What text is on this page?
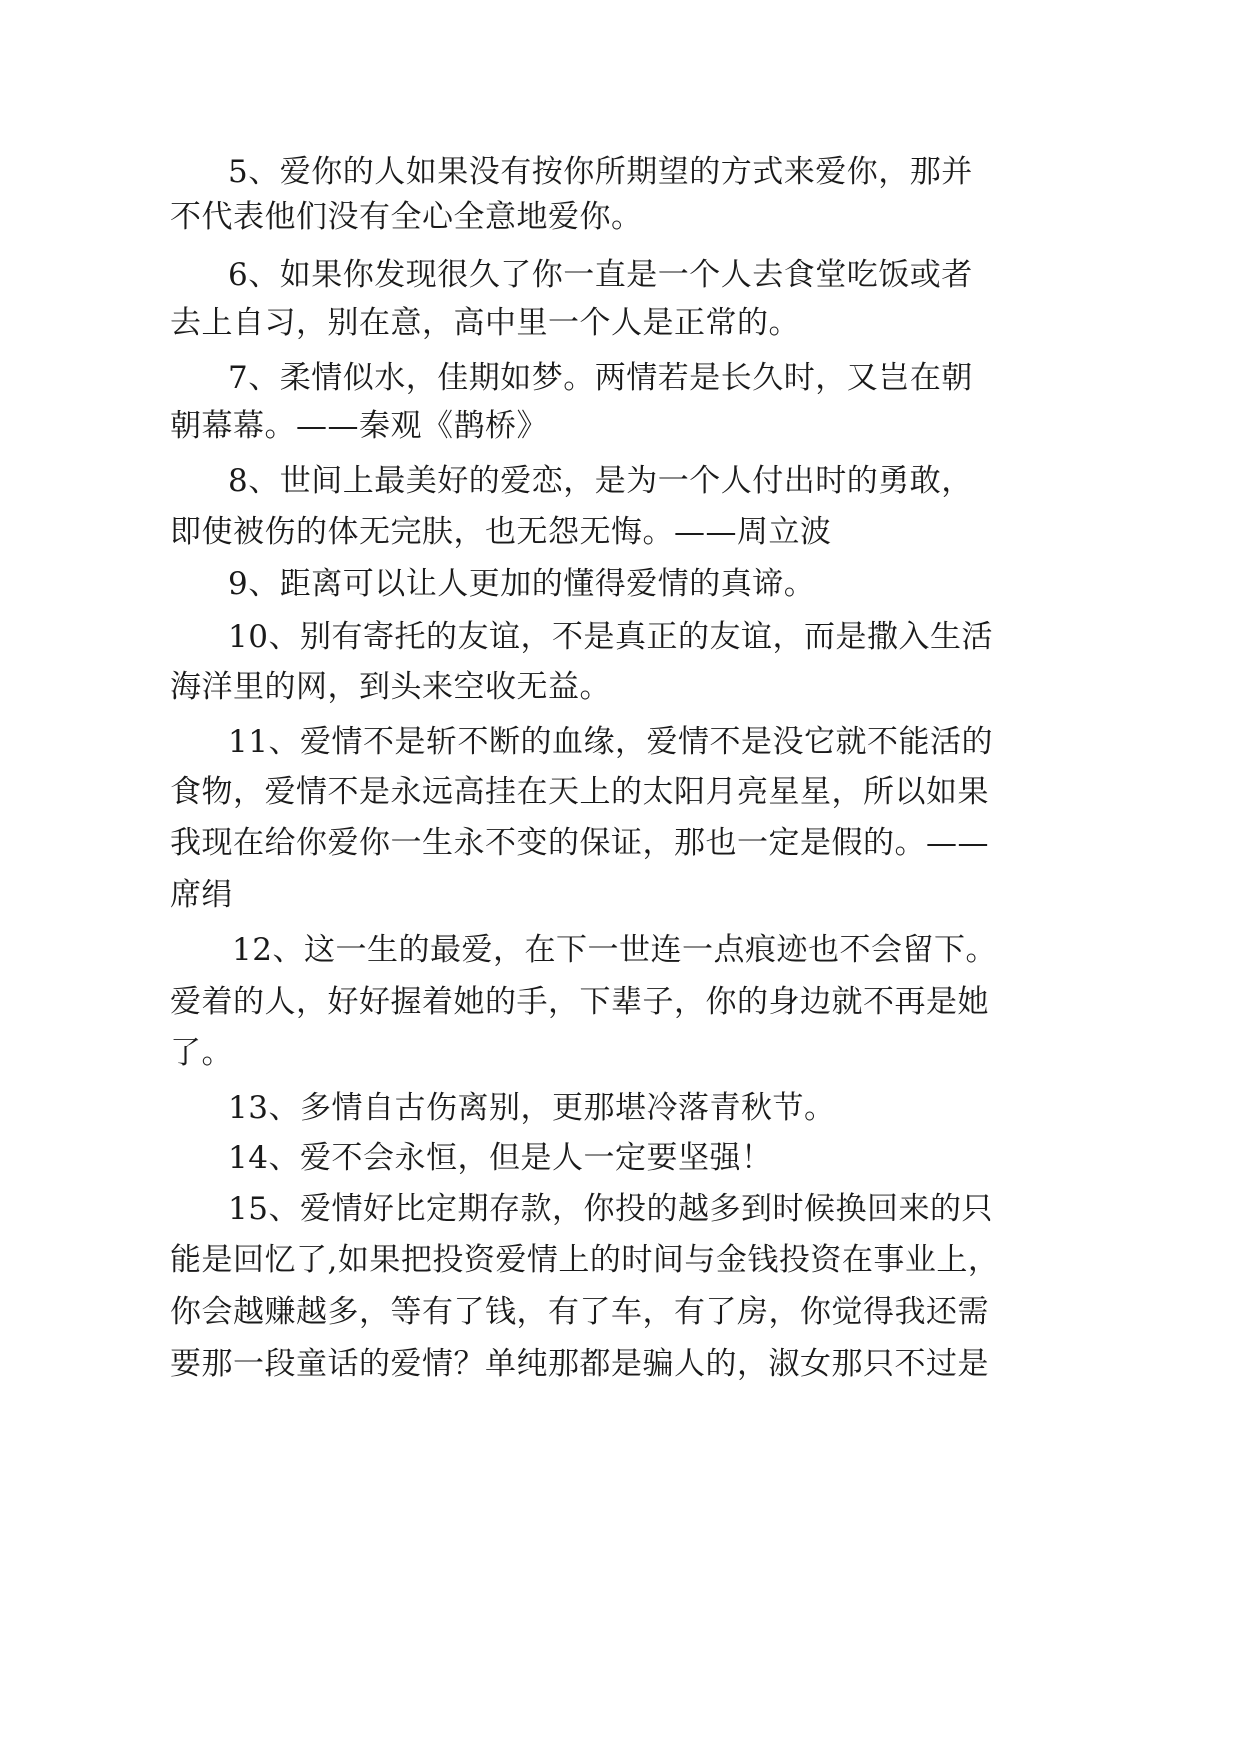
5、爱你的人如果没有按你所期望的方式来爱你，那并
不代表他们没有全心全意地爱你。
6、如果你发现很久了你一直是一个人去食堂吃饭或者
去上自习，别在意，高中里一个人是正常的。
7、柔情似水，佳期如梦。两情若是长久时，又岂在朝
朝幕幕。——秦观《鹊桥》
8、世间上最美好的爱恋，是为一个人付出时的勇敢，
即使被伤的体无完肤，也无怨无悔。——周立波
9、距离可以让人更加的懂得爱情的真谛。
10、别有寄托的友谊，不是真正的友谊，而是撒入生活
海洋里的网，到头来空收无益。
11、爱情不是斩不断的血缘，爱情不是没它就不能活的
食物，爱情不是永远高挂在天上的太阳月亮星星，所以如果
我现在给你爱你一生永不变的保证，那也一定是假的。——
席绢
12、这一生的最爱，在下一世连一点痕迹也不会留下。
爱着的人，好好握着她的手，下辈子，你的身边就不再是她
了。
13、多情自古伤离别，更那堪冷落青秋节。
14、爱不会永恒，但是人一定要坚强！
15、爱情好比定期存款，你投的越多到时候换回来的只
能是回忆了,如果把投资爱情上的时间与金钱投资在事业上，
你会越赚越多，等有了钱，有了车，有了房，你觉得我还需
要那一段童话的爱情？单纯那都是骗人的，淑女那只不过是
